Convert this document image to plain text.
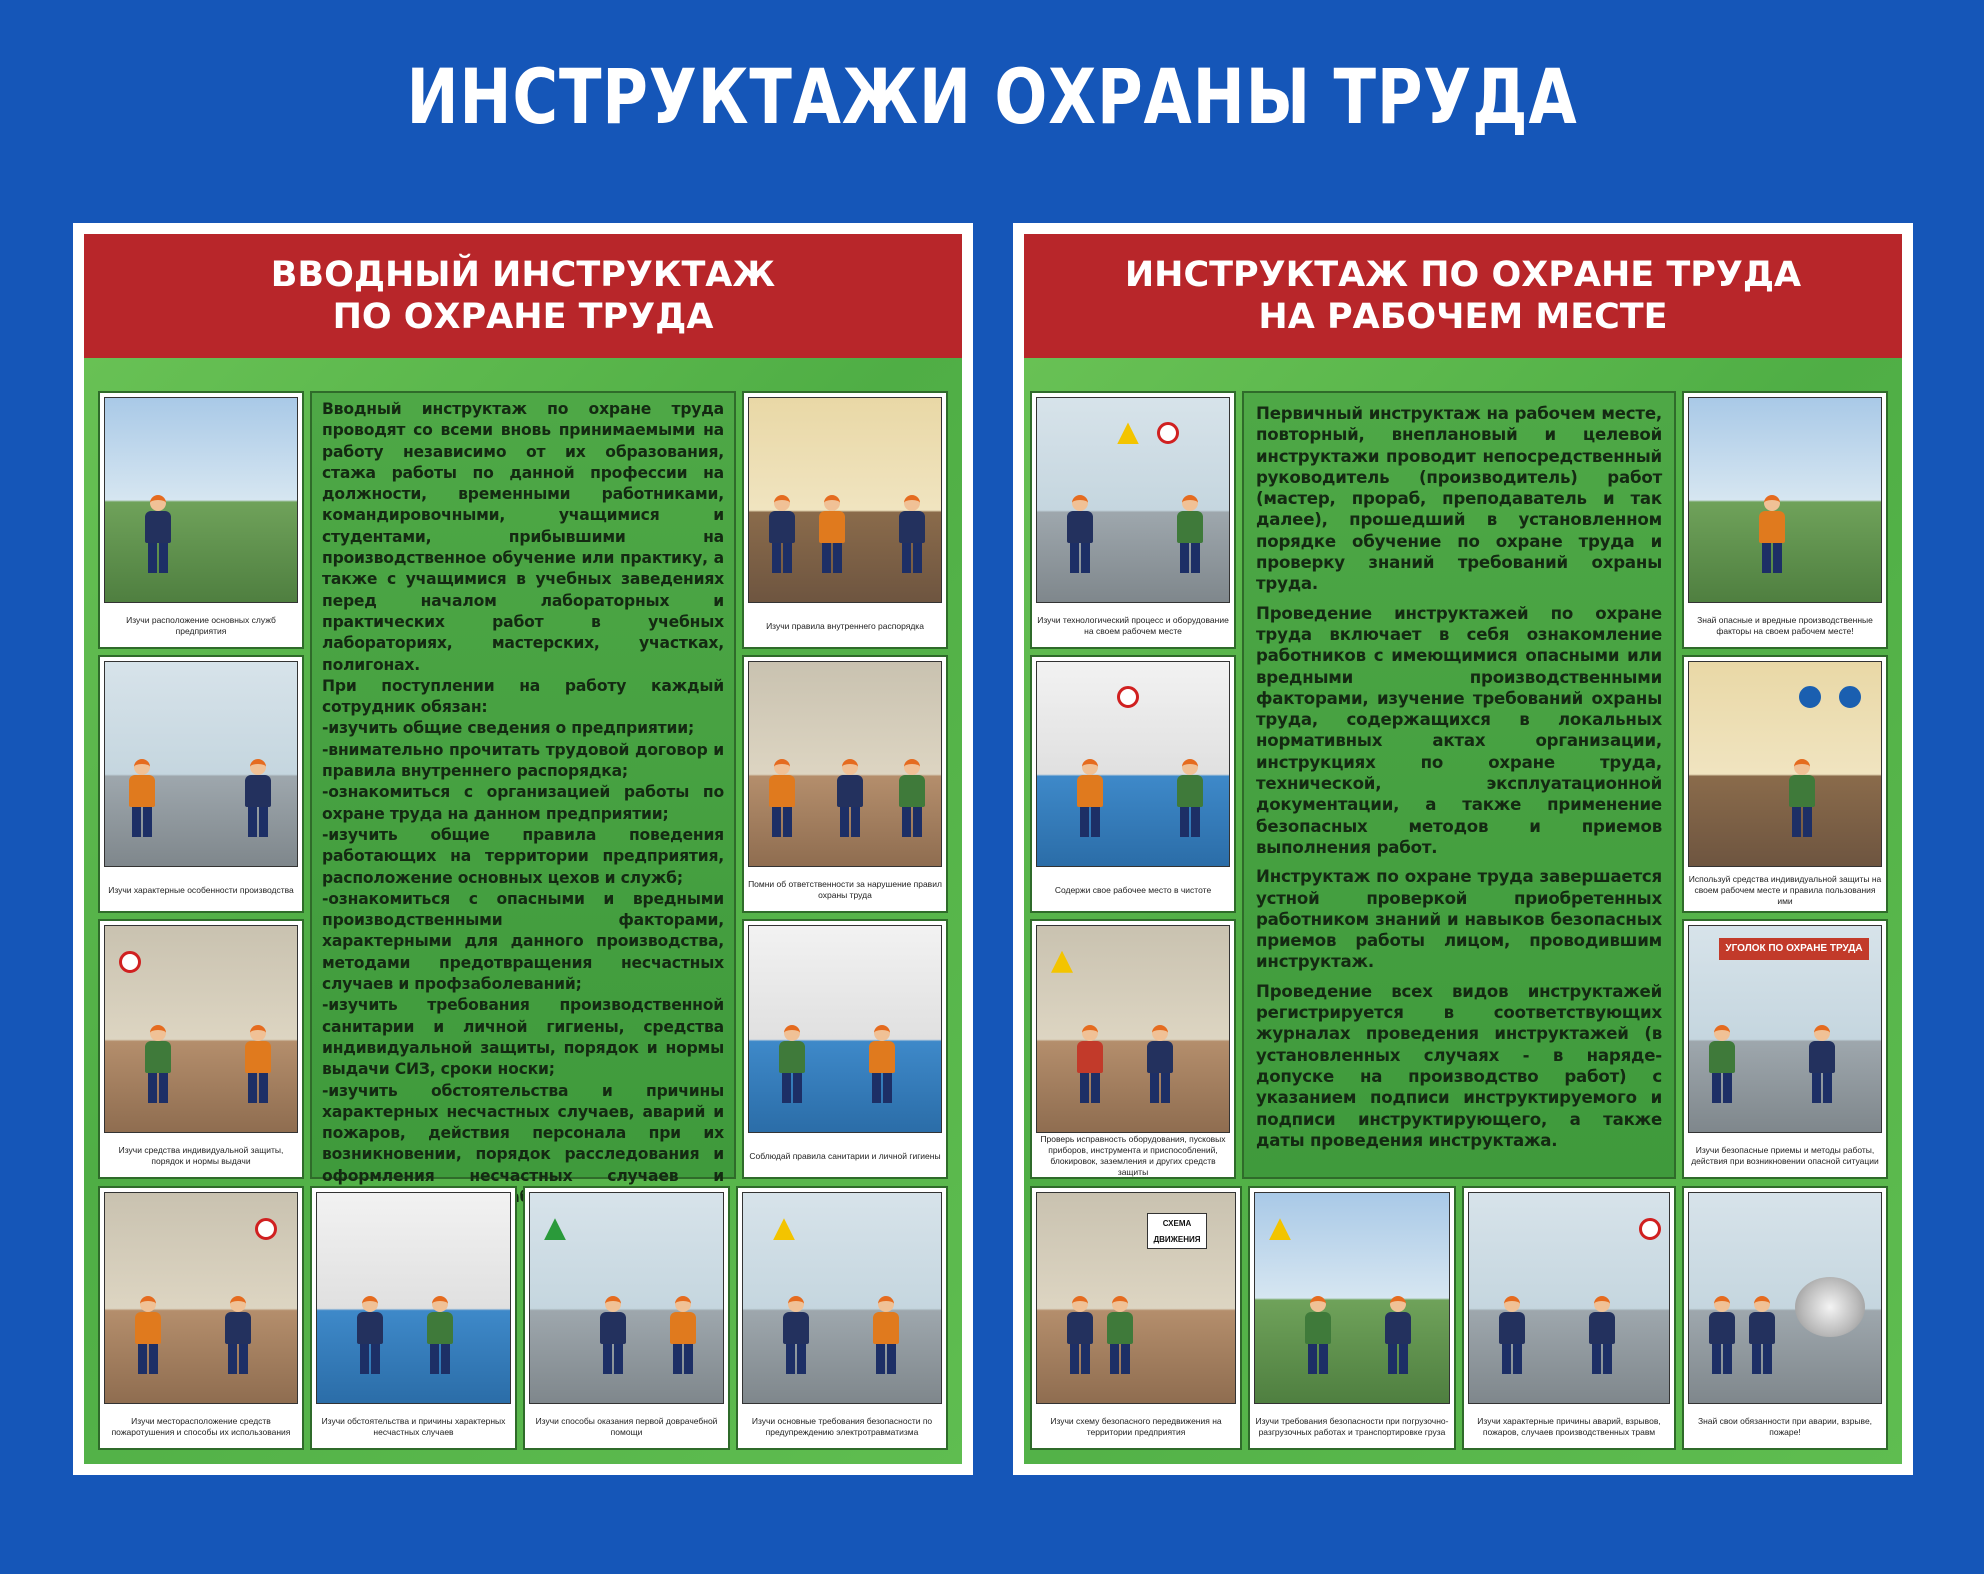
ИНСТРУКТАЖИ ОХРАНЫ ТРУДА
ВВОДНЫЙ ИНСТРУКТАЖ
ПО ОХРАНЕ ТРУДА
Изучи расположение основных служб предприятия
Изучи характерные особенности производства
Изучи средства индивидуальной защиты, порядок и нормы выдачи

Вводный инструктаж по охране труда проводят со всеми вновь принимаемыми на работу независимо от их образования, стажа работы по данной профессии на должности, временными работниками, командировочными, учащимися и студентами, прибывшими на производственное обучение или практику, а также с учащимися в учебных заведениях перед началом лабораторных и практических работ в учебных лабораториях, мастерских, участках, полигонах.

При поступлении на работу каждый сотрудник обязан:

-изучить общие сведения о предприятии;

-внимательно прочитать трудовой договор и правила внутреннего распорядка;

-ознакомиться с организацией работы по охране труда на данном предприятии;

-изучить общие правила поведения работающих на территории предприятия, расположение основных цехов и служб;

-ознакомиться с опасными и вредными производственными факторами, характерными для данного производства, методами предотвращения несчастных случаев и профзаболеваний;

-изучить требования производственной санитарии и личной гигиены, средства индивидуальной защиты, порядок и нормы выдачи СИЗ, сроки носки;

-изучить обстоятельства и причины характерных несчастных случаев, аварий и пожаров, действия персонала при их возникновении, порядок расследования и оформления несчастных случаев и

Изучи правила внутреннего распорядка
Помни об ответственности за нарушение правил охраны труда
Соблюдай правила санитарии и личной гигиены
Изучи месторасположение средств пожаротушения и способы их использования
Изучи обстоятельства и причины характерных несчастных случаев
Изучи способы оказания первой доврачебной помощи
Изучи основные требования безопасности по предупреждению электротравматизма
ИНСТРУКТАЖ ПО ОХРАНЕ ТРУДА
НА РАБОЧЕМ МЕСТЕ
Изучи технологический процесс и оборудование на своем рабочем месте
Содержи свое рабочее место в чистоте
Проверь исправность оборудования, пусковых приборов, инструмента и приспособлений, блокировок, заземления и других средств защиты

Первичный инструктаж на рабочем месте, повторный, внеплановый и целевой инструктажи проводит непосредственный руководитель (производитель) работ (мастер, прораб, преподаватель и так далее), прошедший в установленном порядке обучение по охране труда и проверку знаний требований охраны труда.

Проведение инструктажей по охране труда включает в себя ознакомление работников с имеющимися опасными или вредными производственными факторами, изучение требований охраны труда, содержащихся в локальных нормативных актах организации, инструкциях по охране труда, технической, эксплуатационной документации, а также применение безопасных методов и приемов выполнения работ.

Инструктаж по охране труда завершается устной проверкой приобретенных работником знаний и навыков безопасных приемов работы лицом, проводившим инструктаж.

Проведение всех видов инструктажей регистрируется в соответствующих журналах проведения инструктажей (в установленных случаях - в наряде-допуске на производство работ) с указанием подписи инструктируемого и подписи инструктирующего, а также даты проведения инструктажа.

Знай опасные и вредные производственные факторы на своем рабочем месте!
Используй средства индивидуальной защиты на своем рабочем месте и правила пользования ими
УГОЛОК ПО ОХРАНЕ ТРУДА
Изучи безопасные приемы и методы работы, действия при возникновении опасной ситуации
СХЕМА ДВИЖЕНИЯ
Изучи схему безопасного передвижения на территории предприятия
Изучи требования безопасности при погрузочно-разгрузочных работах и транспортировке груза
Изучи характерные причины аварий, взрывов, пожаров, случаев производственных травм
Знай свои обязанности при аварии, взрыве, пожаре!
